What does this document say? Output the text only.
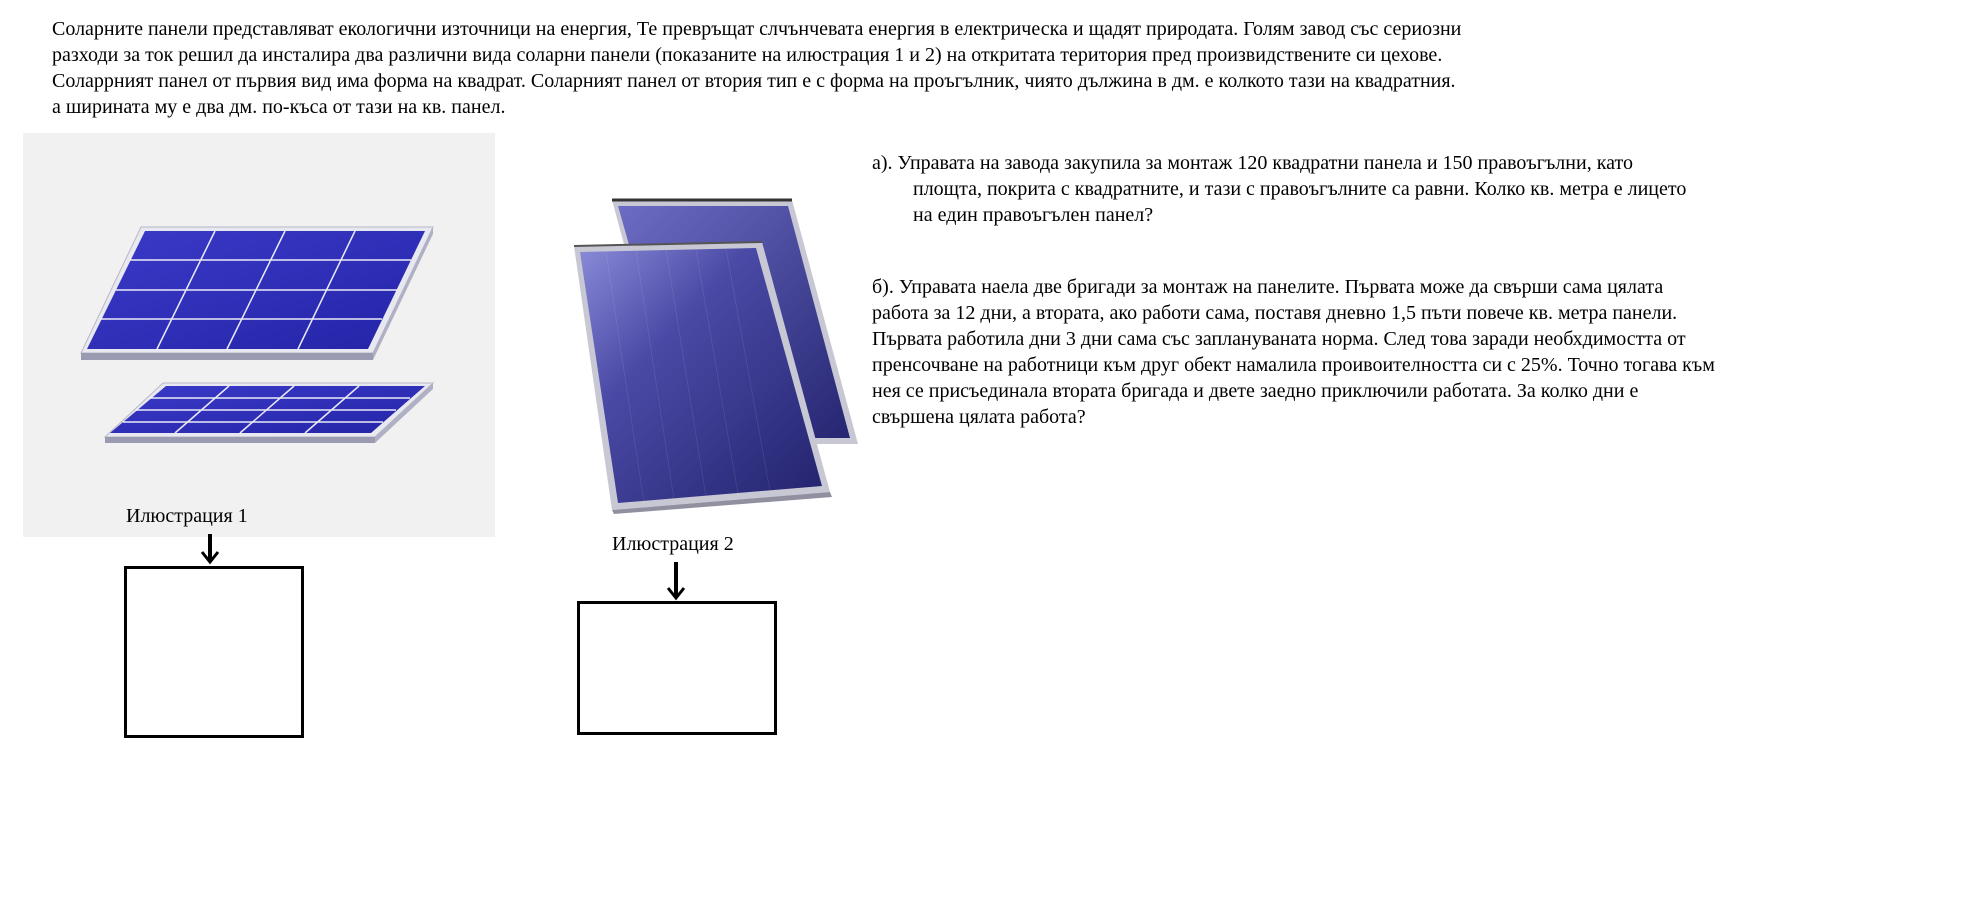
Соларните панели представляват екологични източници на енергия, Те превръщат слчънчевата енергия в електрическа и щадят природата. Голям завод със сериозни

разходи за ток решил да инсталира два различни вида соларни панели (показаните на илюстрация 1 и 2) на откритата територия пред произвидствените си цехове.

Соларрният панел от първия вид има форма на квадрат. Соларният панел от втория тип е с форма на проъгълник, чиято дължина в дм. е колкото тази на квадратния.

а ширината му е два дм. по-къса от тази на кв. панел.

Илюстрация 1
Илюстрация 2

а). Управата на завода закупила за монтаж 120 квадратни панела и 150 правоъгълни, като

площта, покрита с квадратните, и тази с правоъгълните са равни. Колко кв. метра е лицето

на един правоъгълен панел?

б). Управата наела две бригади за монтаж на панелите. Първата може да свърши сама цялата

работа за 12 дни, а втората, ако работи сама, поставя дневно 1,5 пъти повече кв. метра панели.

Първата работила дни 3 дни сама със заплануваната норма. След това заради необхдимостта от

пренсочване на работници към друг обект намалила проивоителността си с 25%. Точно тогава към

нея се присъединала втората бригада и двете заедно приключили работата. За колко дни е

свършена цялата работа?
